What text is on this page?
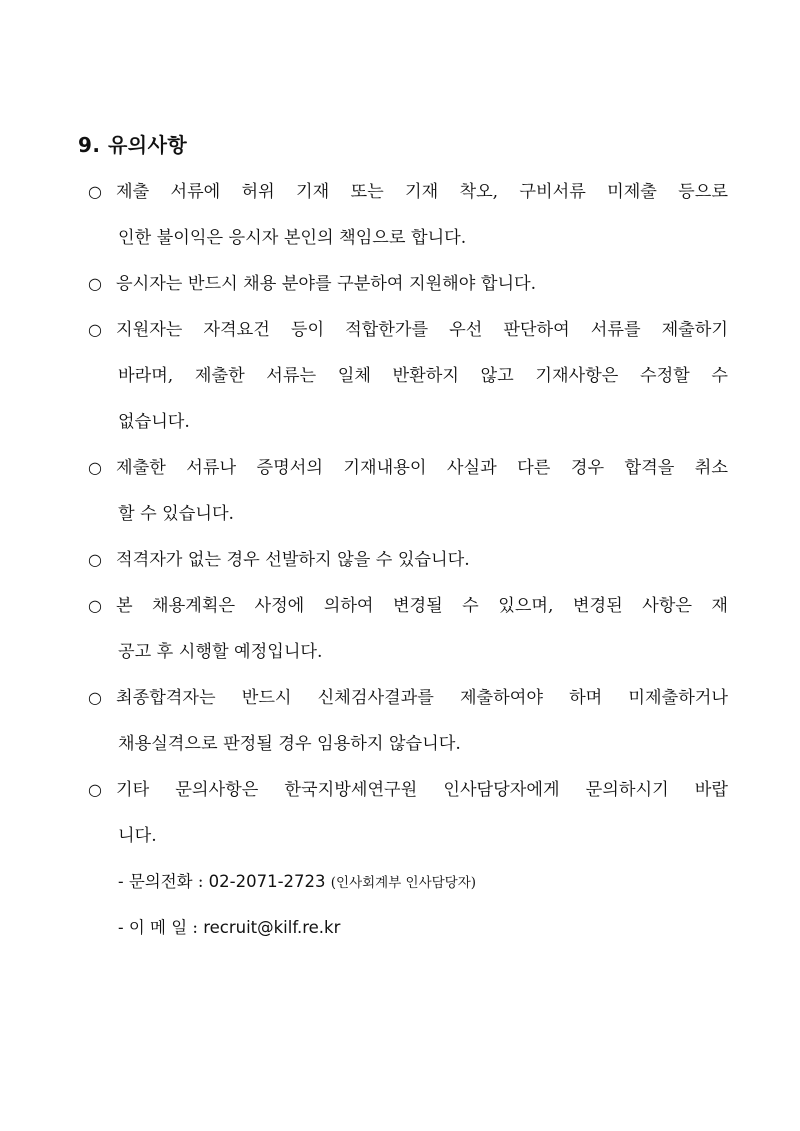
9. 유의사항
○ 제출 서류에 허위 기재 또는 기재 착오, 구비서류 미제출 등으로
인한 불이익은 응시자 본인의 책임으로 합니다.
○ 응시자는 반드시 채용 분야를 구분하여 지원해야 합니다.
○ 지원자는 자격요건 등이 적합한가를 우선 판단하여 서류를 제출하기
바라며, 제출한 서류는 일체 반환하지 않고 기재사항은 수정할 수
없습니다.
○ 제출한 서류나 증명서의 기재내용이 사실과 다른 경우 합격을 취소
할 수 있습니다.
○ 적격자가 없는 경우 선발하지 않을 수 있습니다.
○ 본 채용계획은 사정에 의하여 변경될 수 있으며, 변경된 사항은 재
공고 후 시행할 예정입니다.
○ 최종합격자는 반드시 신체검사결과를 제출하여야 하며 미제출하거나
채용실격으로 판정될 경우 임용하지 않습니다.
○ 기타 문의사항은 한국지방세연구원 인사담당자에게 문의하시기 바랍
니다.
- 문의전화 : 02-2071-2723 (인사회계부 인사담당자)
- 이 메 일 : recruit@kilf.re.kr
